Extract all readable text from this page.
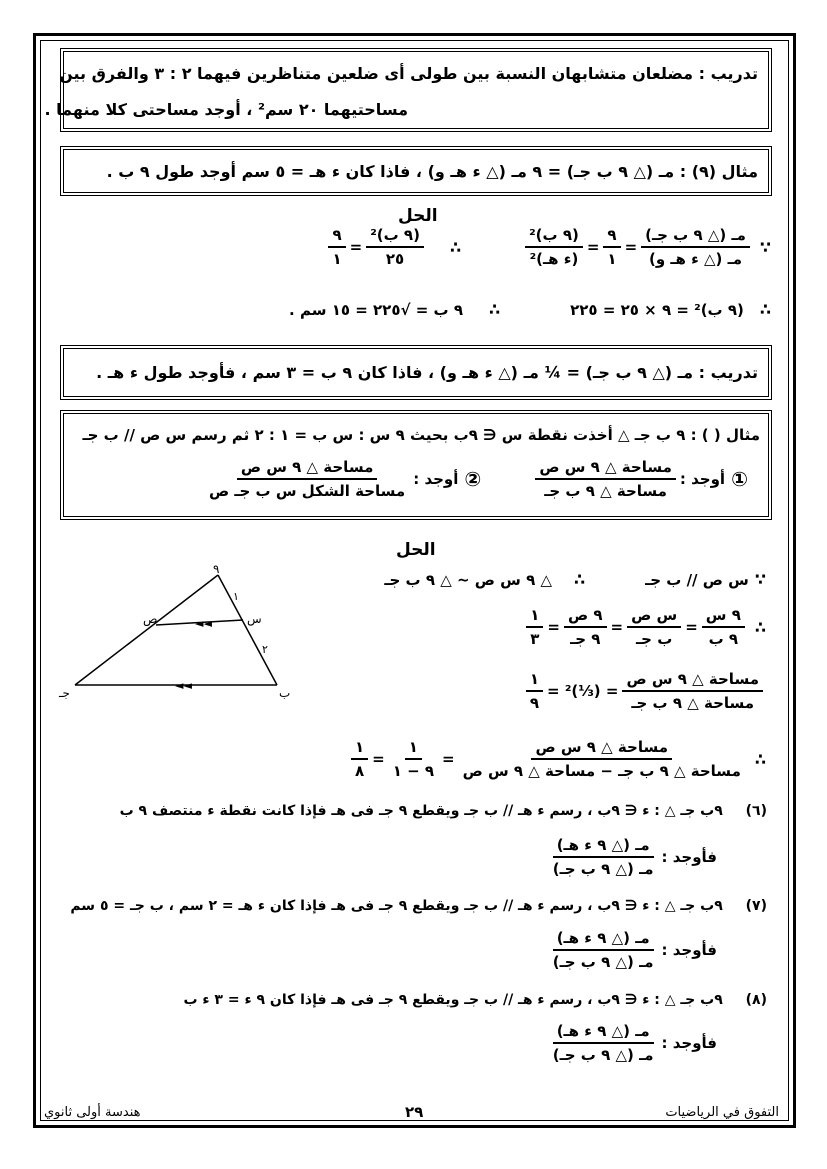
تدريب : مضلعان متشابهان النسبة بين طولى أى ضلعين متناظرين فيهما ٢ : ٣ والفرق بين
مساحتيهما ٢٠ سم² ، أوجد مساحتى كلا منهما .
مثال (٩) : مـ (△ ٩ ب جـ) = ٩ مـ (△ ء هـ و) ، فاذا كان ء هـ = ٥ سم أوجد طول ٩ ب .
الحل
∵
$\frac{\text{مـ (△ ٩ ب جـ)}}{\text{مـ (△ ء هـ و)}}$
=
$\frac{٩}{١}$
=
$\frac{\text{(٩ ب)²}}{\text{(ء هـ)²}}$
∴
$\frac{\text{(٩ ب)²}}{٢٥}$
=
$\frac{٩}{١}$
∴
(٩ ب)² = ٩ × ٢٥ = ٢٢٥
∴
٩ ب = √٢٢٥ = ١٥ سم .
تدريب : مـ (△ ٩ ب جـ) = ¼ مـ (△ ء هـ و) ، فاذا كان ٩ ب = ٣ سم ، فأوجد طول ء هـ .
مثال ( ) : ٩ ب جـ △ أخذت نقطة س ∈ ٩ب بحيث ٩ س : س ب = ١ : ٢ ثم رسم س ص // ب جـ
①
أوجد :
$\frac{\text{مساحة △ ٩ س ص}}{\text{مساحة △ ٩ ب جـ}}$
②
أوجد :
$\frac{\text{مساحة △ ٩ س ص}}{\text{مساحة الشكل س ب جـ ص}}$
الحل
◄◄
◄◄
٩
س
ص
ب
جـ
١
٢
∵
س ص // ب جـ
∴
△ ٩ س ص ~ △ ٩ ب جـ
∴
$\frac{\text{٩ س}}{\text{٩ ب}}$
=
$\frac{\text{س ص}}{\text{ب جـ}}$
=
$\frac{\text{٩ ص}}{\text{٩ جـ}}$
=
$\frac{١}{٣}$
$\frac{\text{مساحة △ ٩ س ص}}{\text{مساحة △ ٩ ب جـ}}$
= (⅓)² =
$\frac{١}{٩}$
∴
$\frac{\text{مساحة △ ٩ س ص}}{\text{مساحة △ ٩ ب جـ − مساحة △ ٩ س ص}}$
=
$\frac{١}{٩ - ١}$
=
$\frac{١}{٨}$
(٦) ٩ب جـ △ : ء ∈ ٩ب ، رسم ء هـ // ب جـ ويقطع ٩ جـ فى هـ فإذا كانت نقطة ء منتصف ٩ ب
فأوجد :
$\frac{\text{مـ (△ ٩ ء هـ)}}{\text{مـ (△ ٩ ب جـ)}}$
(٧) ٩ب جـ △ : ء ∈ ٩ب ، رسم ء هـ // ب جـ ويقطع ٩ جـ فى هـ فإذا كان ء هـ = ٢ سم ، ب جـ = ٥ سم
فأوجد :
$\frac{\text{مـ (△ ٩ ء هـ)}}{\text{مـ (△ ٩ ب جـ)}}$
(٨) ٩ب جـ △ : ء ∈ ٩ب ، رسم ء هـ // ب جـ ويقطع ٩ جـ فى هـ فإذا كان ٩ ء = ٣ ء ب
فأوجد :
$\frac{\text{مـ (△ ٩ ء هـ)}}{\text{مـ (△ ٩ ب جـ)}}$
التفوق في الرياضيات
٢٩
هندسة أولى ثانوي
